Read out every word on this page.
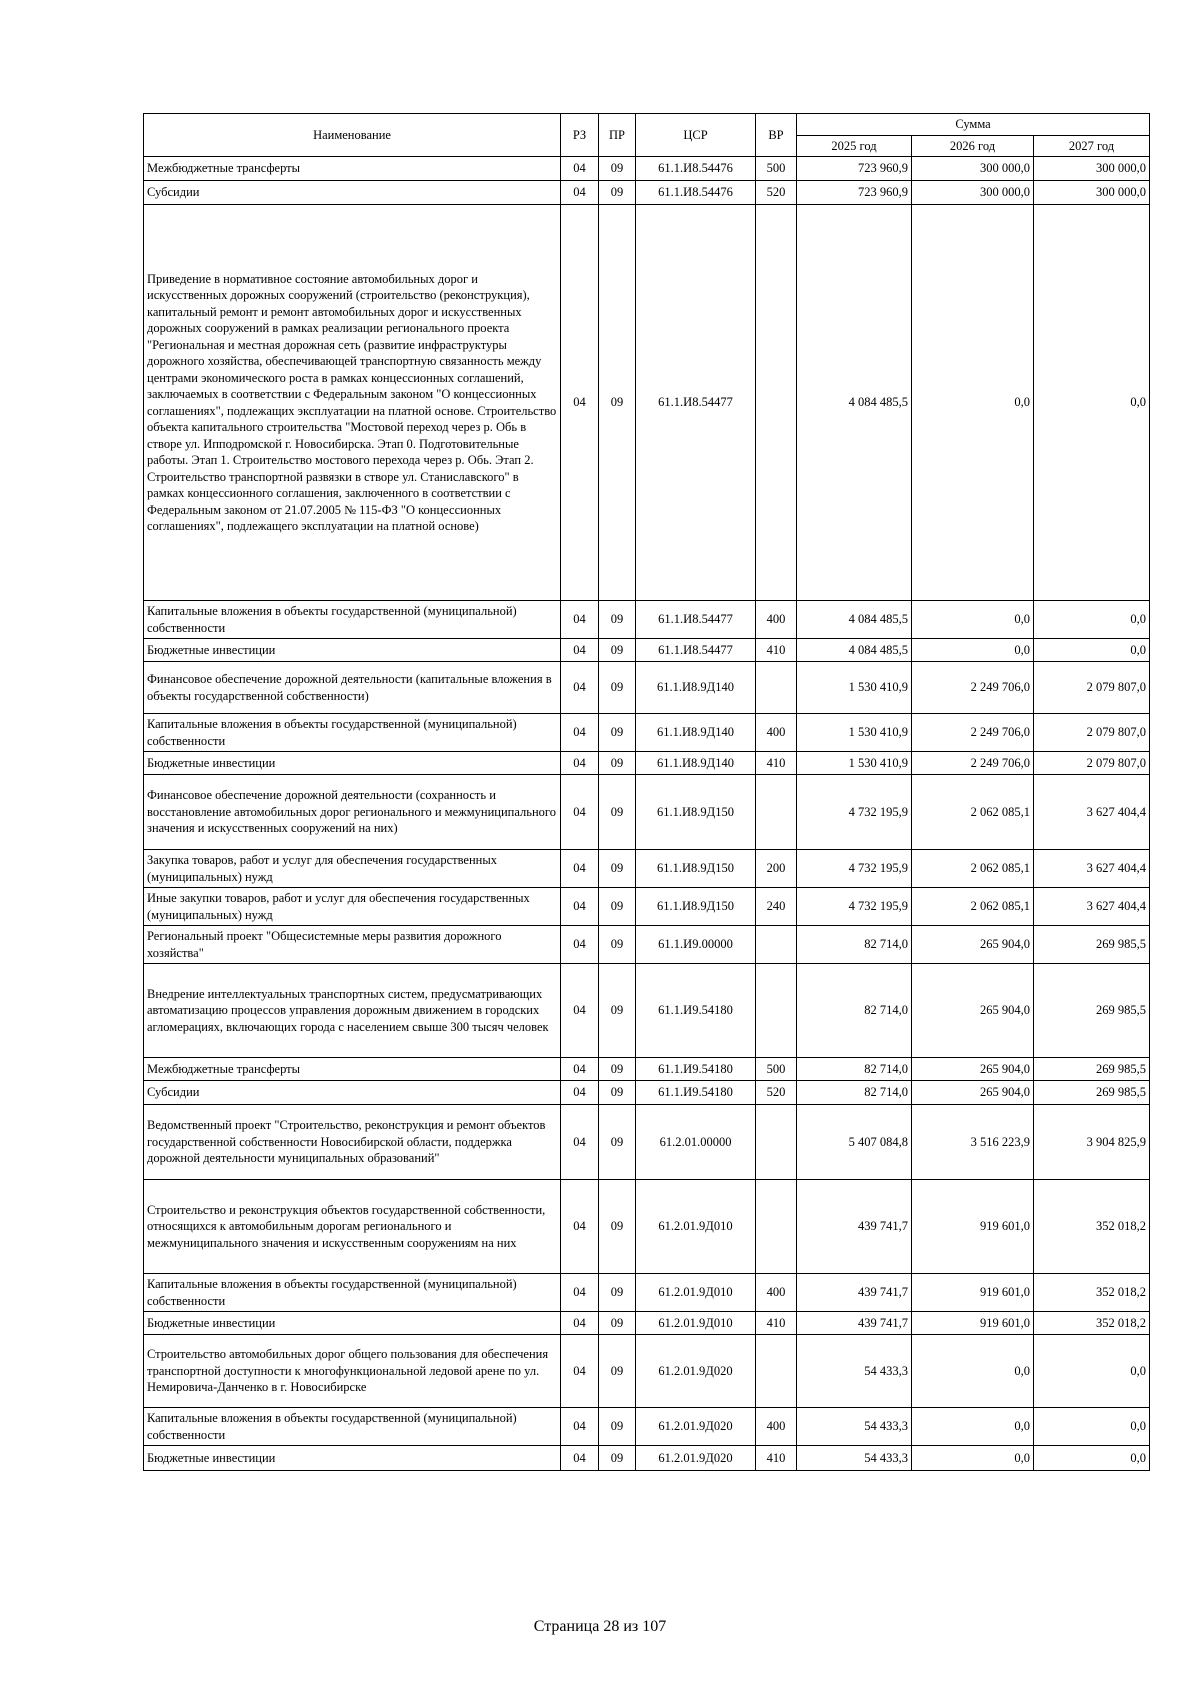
Наименование	РЗ	ПР	ЦСР	ВР	Сумма		
					2025 год	2026 год	2027 год
Межбюджетные трансферты	04	09	61.1.И8.54476	500	723 960,9	300 000,0	300 000,0
Субсидии	04	09	61.1.И8.54476	520	723 960,9	300 000,0	300 000,0
Приведение в нормативное состояние автомобильных дорог и искусственных дорожных сооружений (строительство (реконструкция), капитальный ремонт и ремонт автомобильных дорог и искусственных дорожных сооружений в рамках реализации регионального проекта "Региональная и местная дорожная сеть (развитие инфраструктуры дорожного хозяйства, обеспечивающей транспортную связанность между центрами экономического роста в рамках концессионных соглашений, заключаемых в соответствии с Федеральным законом "О концессионных соглашениях", подлежащих эксплуатации на платной основе. Строительство объекта капитального строительства "Мостовой переход через р. Обь в створе ул. Ипподромской г. Новосибирска. Этап 0. Подготовительные работы. Этап 1. Строительство мостового перехода через р. Обь. Этап 2. Строительство транспортной развязки в створе ул. Станиславского" в рамках концессионного соглашения, заключенного в соответствии с Федеральным законом от 21.07.2005 № 115-ФЗ "О концессионных соглашениях", подлежащего эксплуатации на платной основе)	04	09	61.1.И8.54477		4 084 485,5	0,0	0,0
Капитальные вложения в объекты государственной (муниципальной) собственности	04	09	61.1.И8.54477	400	4 084 485,5	0,0	0,0
Бюджетные инвестиции	04	09	61.1.И8.54477	410	4 084 485,5	0,0	0,0
Финансовое обеспечение дорожной деятельности (капитальные вложения в объекты государственной собственности)	04	09	61.1.И8.9Д140		1 530 410,9	2 249 706,0	2 079 807,0
Капитальные вложения в объекты государственной (муниципальной) собственности	04	09	61.1.И8.9Д140	400	1 530 410,9	2 249 706,0	2 079 807,0
Бюджетные инвестиции	04	09	61.1.И8.9Д140	410	1 530 410,9	2 249 706,0	2 079 807,0
Финансовое обеспечение дорожной деятельности (сохранность и восстановление автомобильных дорог регионального и межмуниципального значения и искусственных сооружений на них)	04	09	61.1.И8.9Д150		4 732 195,9	2 062 085,1	3 627 404,4
Закупка товаров, работ и услуг для обеспечения государственных (муниципальных) нужд	04	09	61.1.И8.9Д150	200	4 732 195,9	2 062 085,1	3 627 404,4
Иные закупки товаров, работ и услуг для обеспечения государственных (муниципальных) нужд	04	09	61.1.И8.9Д150	240	4 732 195,9	2 062 085,1	3 627 404,4
Региональный проект "Общесистемные меры развития дорожного хозяйства"	04	09	61.1.И9.00000		82 714,0	265 904,0	269 985,5
Внедрение интеллектуальных транспортных систем, предусматривающих автоматизацию процессов управления дорожным движением в городских агломерациях, включающих города с населением свыше 300 тысяч человек	04	09	61.1.И9.54180		82 714,0	265 904,0	269 985,5
Межбюджетные трансферты	04	09	61.1.И9.54180	500	82 714,0	265 904,0	269 985,5
Субсидии	04	09	61.1.И9.54180	520	82 714,0	265 904,0	269 985,5
Ведомственный проект "Строительство, реконструкция и ремонт объектов государственной собственности Новосибирской области, поддержка дорожной деятельности муниципальных образований"	04	09	61.2.01.00000		5 407 084,8	3 516 223,9	3 904 825,9
Строительство и реконструкция объектов государственной собственности, относящихся к автомобильным дорогам регионального и межмуниципального значения и искусственным сооружениям на них	04	09	61.2.01.9Д010		439 741,7	919 601,0	352 018,2
Капитальные вложения в объекты государственной (муниципальной) собственности	04	09	61.2.01.9Д010	400	439 741,7	919 601,0	352 018,2
Бюджетные инвестиции	04	09	61.2.01.9Д010	410	439 741,7	919 601,0	352 018,2
Строительство автомобильных дорог общего пользования для обеспечения транспортной доступности к многофункциональной ледовой арене по ул. Немировича-Данченко в г. Новосибирске	04	09	61.2.01.9Д020		54 433,3	0,0	0,0
Капитальные вложения в объекты государственной (муниципальной) собственности	04	09	61.2.01.9Д020	400	54 433,3	0,0	0,0
Бюджетные инвестиции	04	09	61.2.01.9Д020	410	54 433,3	0,0	0,0
Страница 28 из 107
